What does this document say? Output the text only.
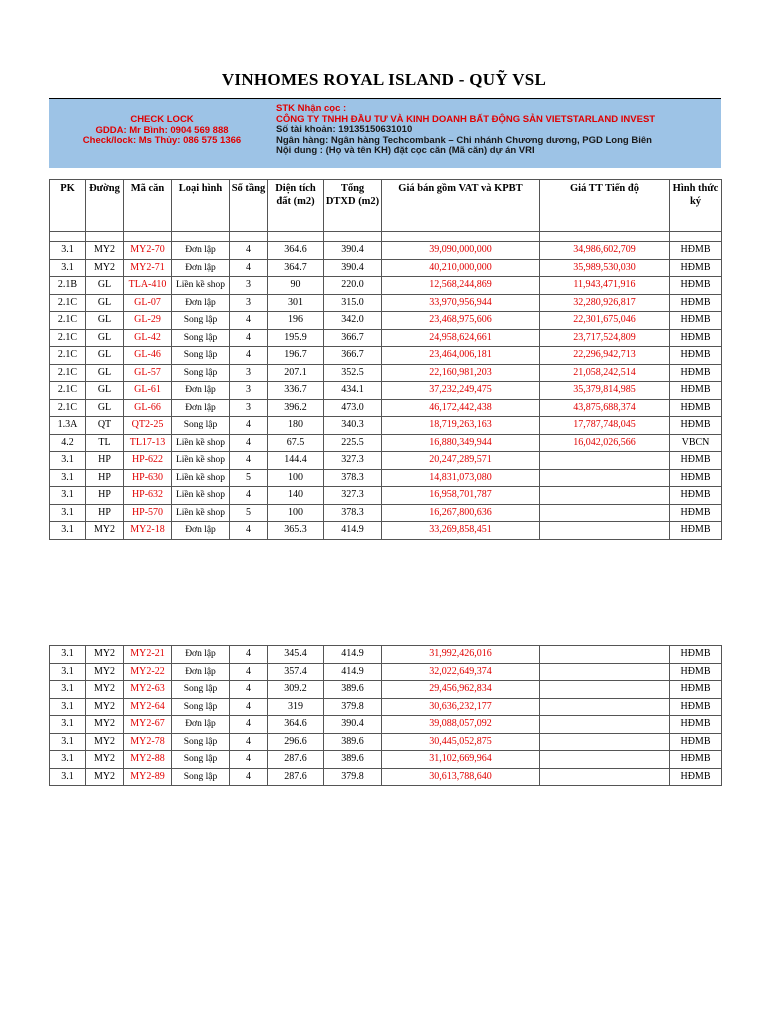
VINHOMES ROYAL ISLAND - QUỸ VSL
CHECK LOCK
GDDA: Mr Bình: 0904 569 888
Check/lock: Ms Thủy: 086 575 1366
STK Nhận cọc :
CÔNG TY TNHH ĐẦU TƯ VÀ KINH DOANH BẤT ĐỘNG SẢN VIETSTARLAND INVEST
Số tài khoản: 19135150631010
Ngân hàng: Ngân hàng Techcombank – Chi nhánh Chương dương, PGD Long Biên
Nội dung : (Họ và tên KH) đặt cọc căn (Mã căn) dự án VRI
PK	Đường	Mã căn	Loại hình	Số tầng	Diện tích đất (m2)	Tổng DTXD (m2)	Giá bán gồm VAT và KPBT	Giá TT Tiến độ	Hình thức ký

3.1	MY2	MY2-70	Đơn lập	4	364.6	390.4	39,090,000,000	34,986,602,709	HĐMB
3.1	MY2	MY2-71	Đơn lập	4	364.7	390.4	40,210,000,000	35,989,530,030	HĐMB
2.1B	GL	TLA-410	Liền kề shop	3	90	220.0	12,568,244,869	11,943,471,916	HĐMB
2.1C	GL	GL-07	Đơn lập	3	301	315.0	33,970,956,944	32,280,926,817	HĐMB
2.1C	GL	GL-29	Song lập	4	196	342.0	23,468,975,606	22,301,675,046	HĐMB
2.1C	GL	GL-42	Song lập	4	195.9	366.7	24,958,624,661	23,717,524,809	HĐMB
2.1C	GL	GL-46	Song lập	4	196.7	366.7	23,464,006,181	22,296,942,713	HĐMB
2.1C	GL	GL-57	Song lập	3	207.1	352.5	22,160,981,203	21,058,242,514	HĐMB
2.1C	GL	GL-61	Đơn lập	3	336.7	434.1	37,232,249,475	35,379,814,985	HĐMB
2.1C	GL	GL-66	Đơn lập	3	396.2	473.0	46,172,442,438	43,875,688,374	HĐMB
1.3A	QT	QT2-25	Song lập	4	180	340.3	18,719,263,163	17,787,748,045	HĐMB
4.2	TL	TL17-13	Liền kề shop	4	67.5	225.5	16,880,349,944	16,042,026,566	VBCN
3.1	HP	HP-622	Liền kề shop	4	144.4	327.3	20,247,289,571		HĐMB
3.1	HP	HP-630	Liền kề shop	5	100	378.3	14,831,073,080		HĐMB
3.1	HP	HP-632	Liền kề shop	4	140	327.3	16,958,701,787		HĐMB
3.1	HP	HP-570	Liền kề shop	5	100	378.3	16,267,800,636		HĐMB
3.1	MY2	MY2-18	Đơn lập	4	365.3	414.9	33,269,858,451		HĐMB
3.1	MY2	MY2-21	Đơn lập	4	345.4	414.9	31,992,426,016		HĐMB
3.1	MY2	MY2-22	Đơn lập	4	357.4	414.9	32,022,649,374		HĐMB
3.1	MY2	MY2-63	Song lập	4	309.2	389.6	29,456,962,834		HĐMB
3.1	MY2	MY2-64	Song lập	4	319	379.8	30,636,232,177		HĐMB
3.1	MY2	MY2-67	Đơn lập	4	364.6	390.4	39,088,057,092		HĐMB
3.1	MY2	MY2-78	Song lập	4	296.6	389.6	30,445,052,875		HĐMB
3.1	MY2	MY2-88	Song lập	4	287.6	389.6	31,102,669,964		HĐMB
3.1	MY2	MY2-89	Song lập	4	287.6	379.8	30,613,788,640		HĐMB
